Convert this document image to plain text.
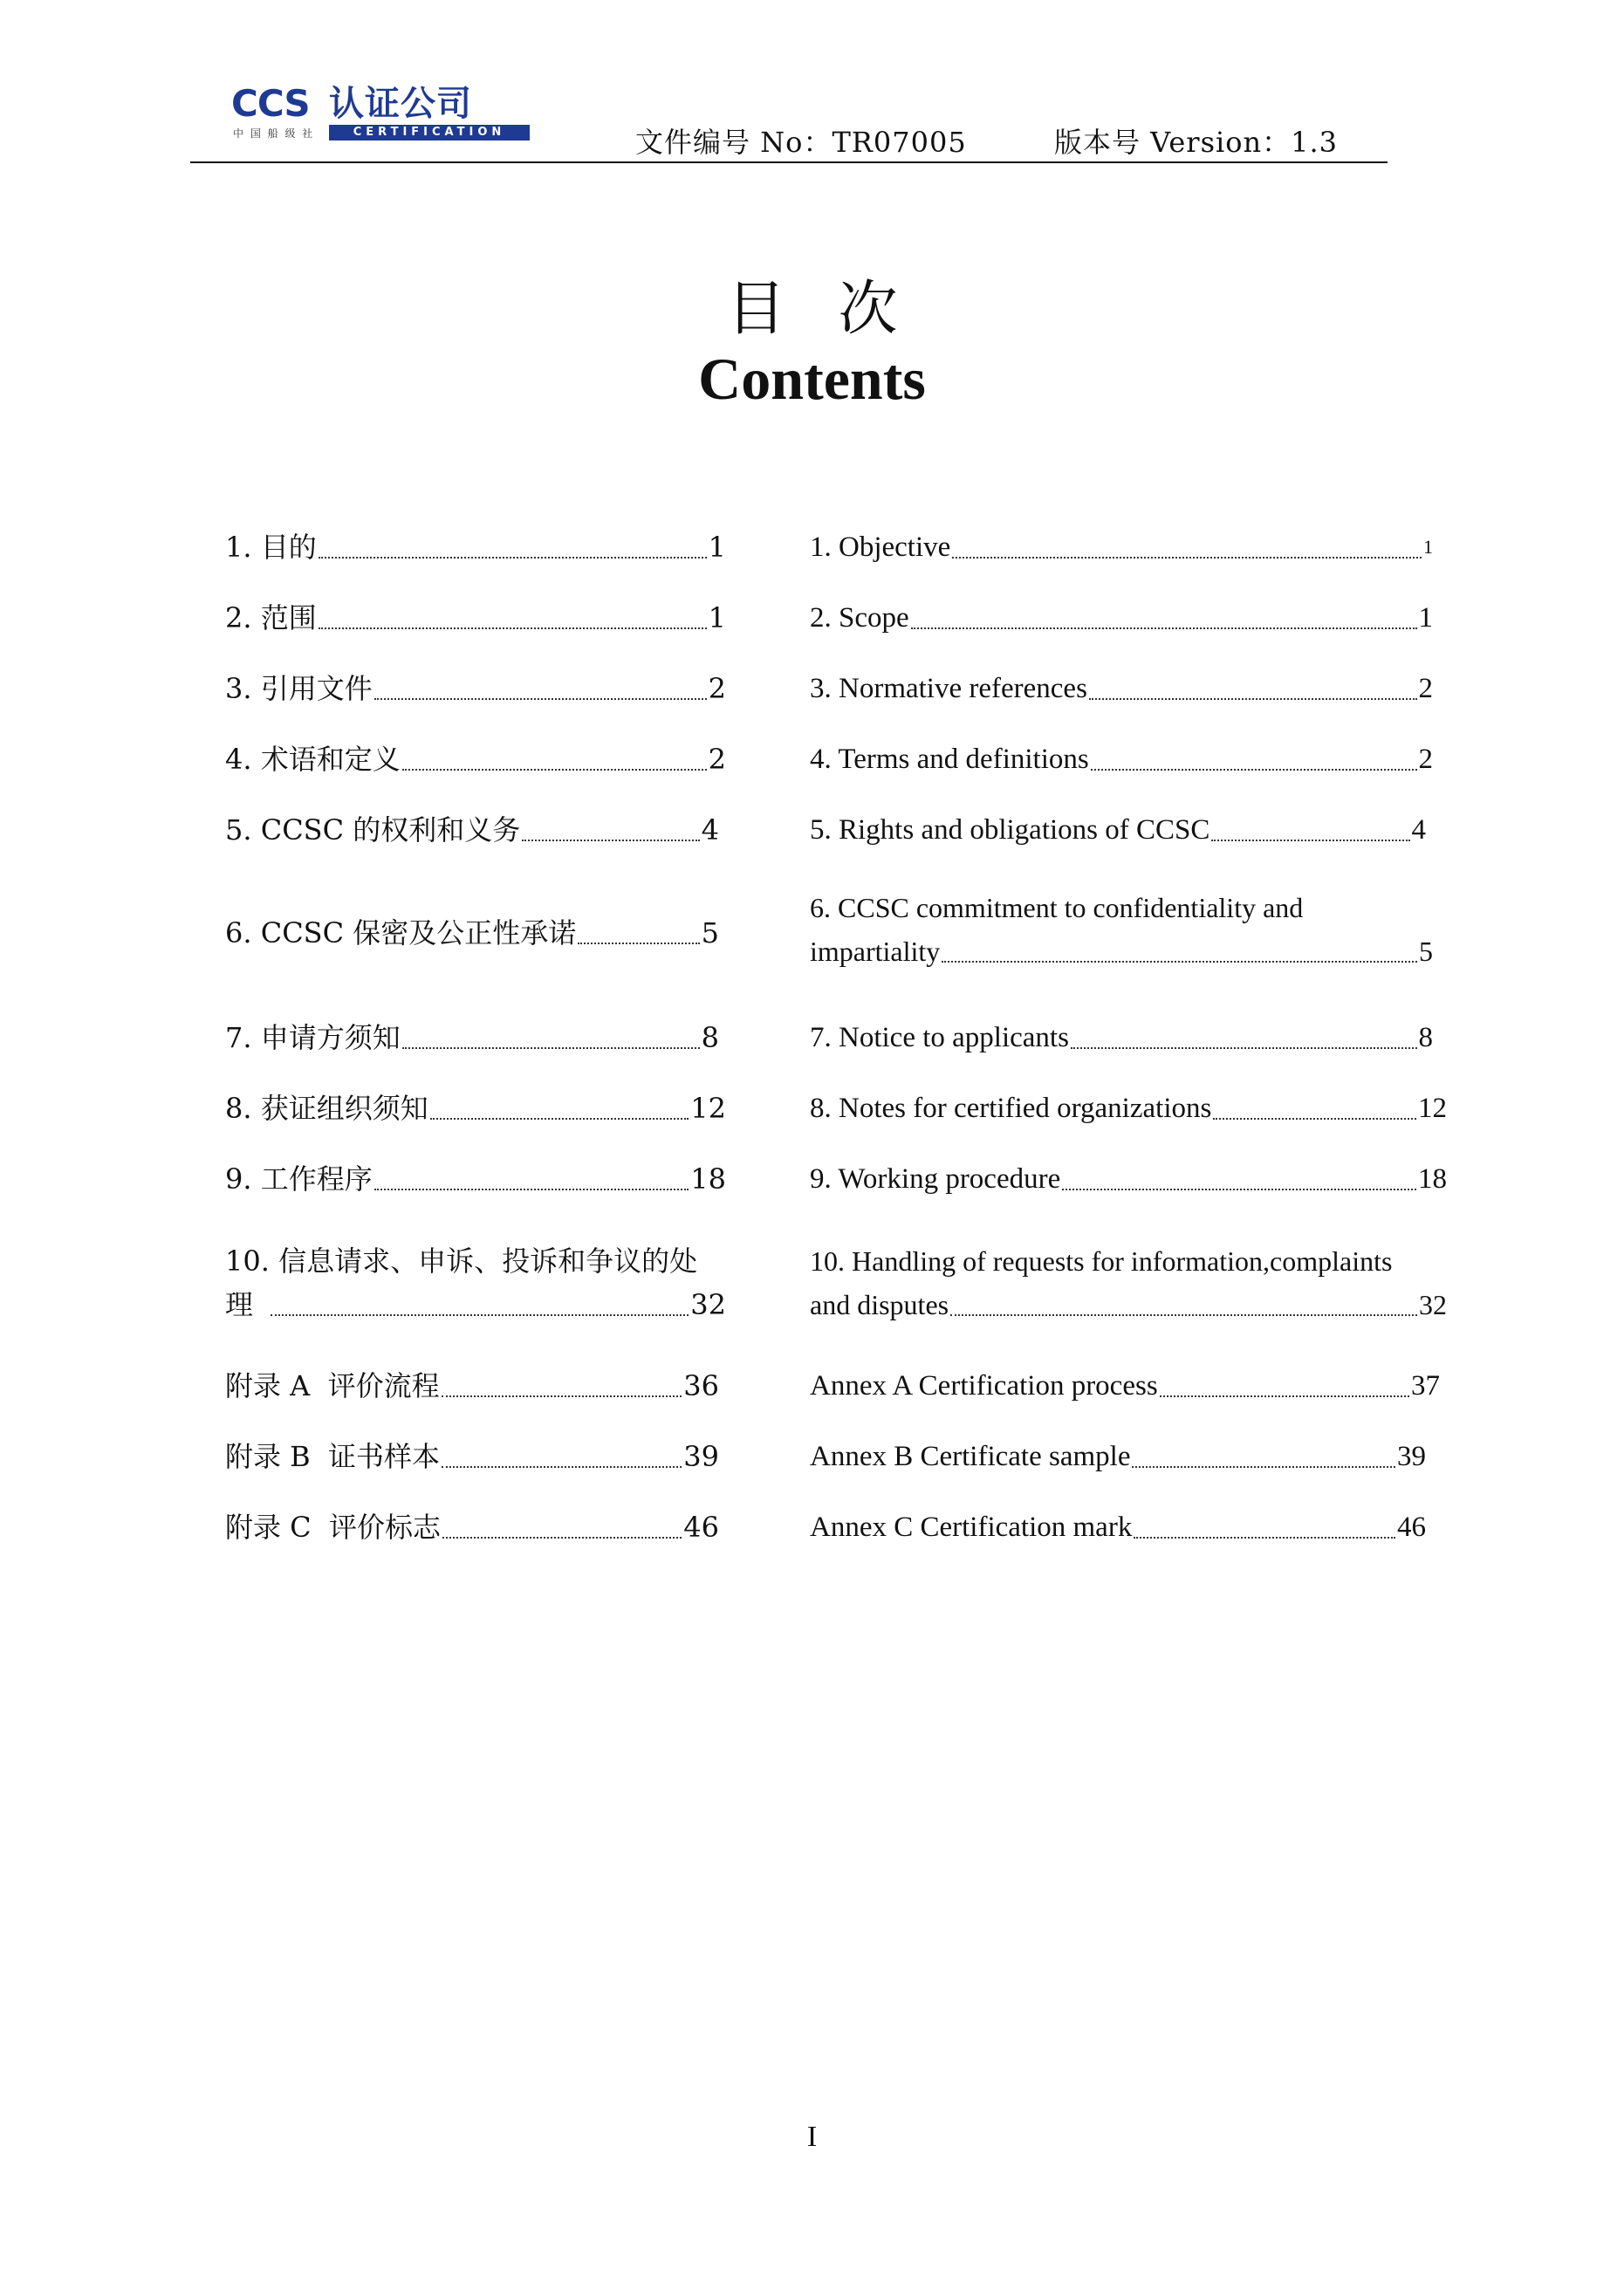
CCS
中 国 船 级 社
认证公司
CERTIFICATION	文件编号 No：TR07005	版本号 Version：1.3
目次
Contents
1. 目的	1
2. 范围	1
3. 引用文件	2
4. 术语和定义	2
5. CCSC 的权利和义务	4
6. CCSC 保密及公正性承诺	5
7. 申请方须知	8
8. 获证组织须知	12
9. 工作程序	18
10. 信息请求、申诉、投诉和争议的处
理	32
附录 A  评价流程	36
附录 B  证书样本	39
附录 C  评价标志	46
1. Objective	1
2. Scope	1
3. Normative references	2
4. Terms and definitions	2
5. Rights and obligations of CCSC	4
6. CCSC commitment to confidentiality and
impartiality	5
7. Notice to applicants	8
8. Notes for certified organizations	12
9. Working procedure	18
10. Handling of requests for information,complaints
and disputes	32
Annex A Certification process	37
Annex B Certificate sample	39
Annex C Certification mark	46
I
